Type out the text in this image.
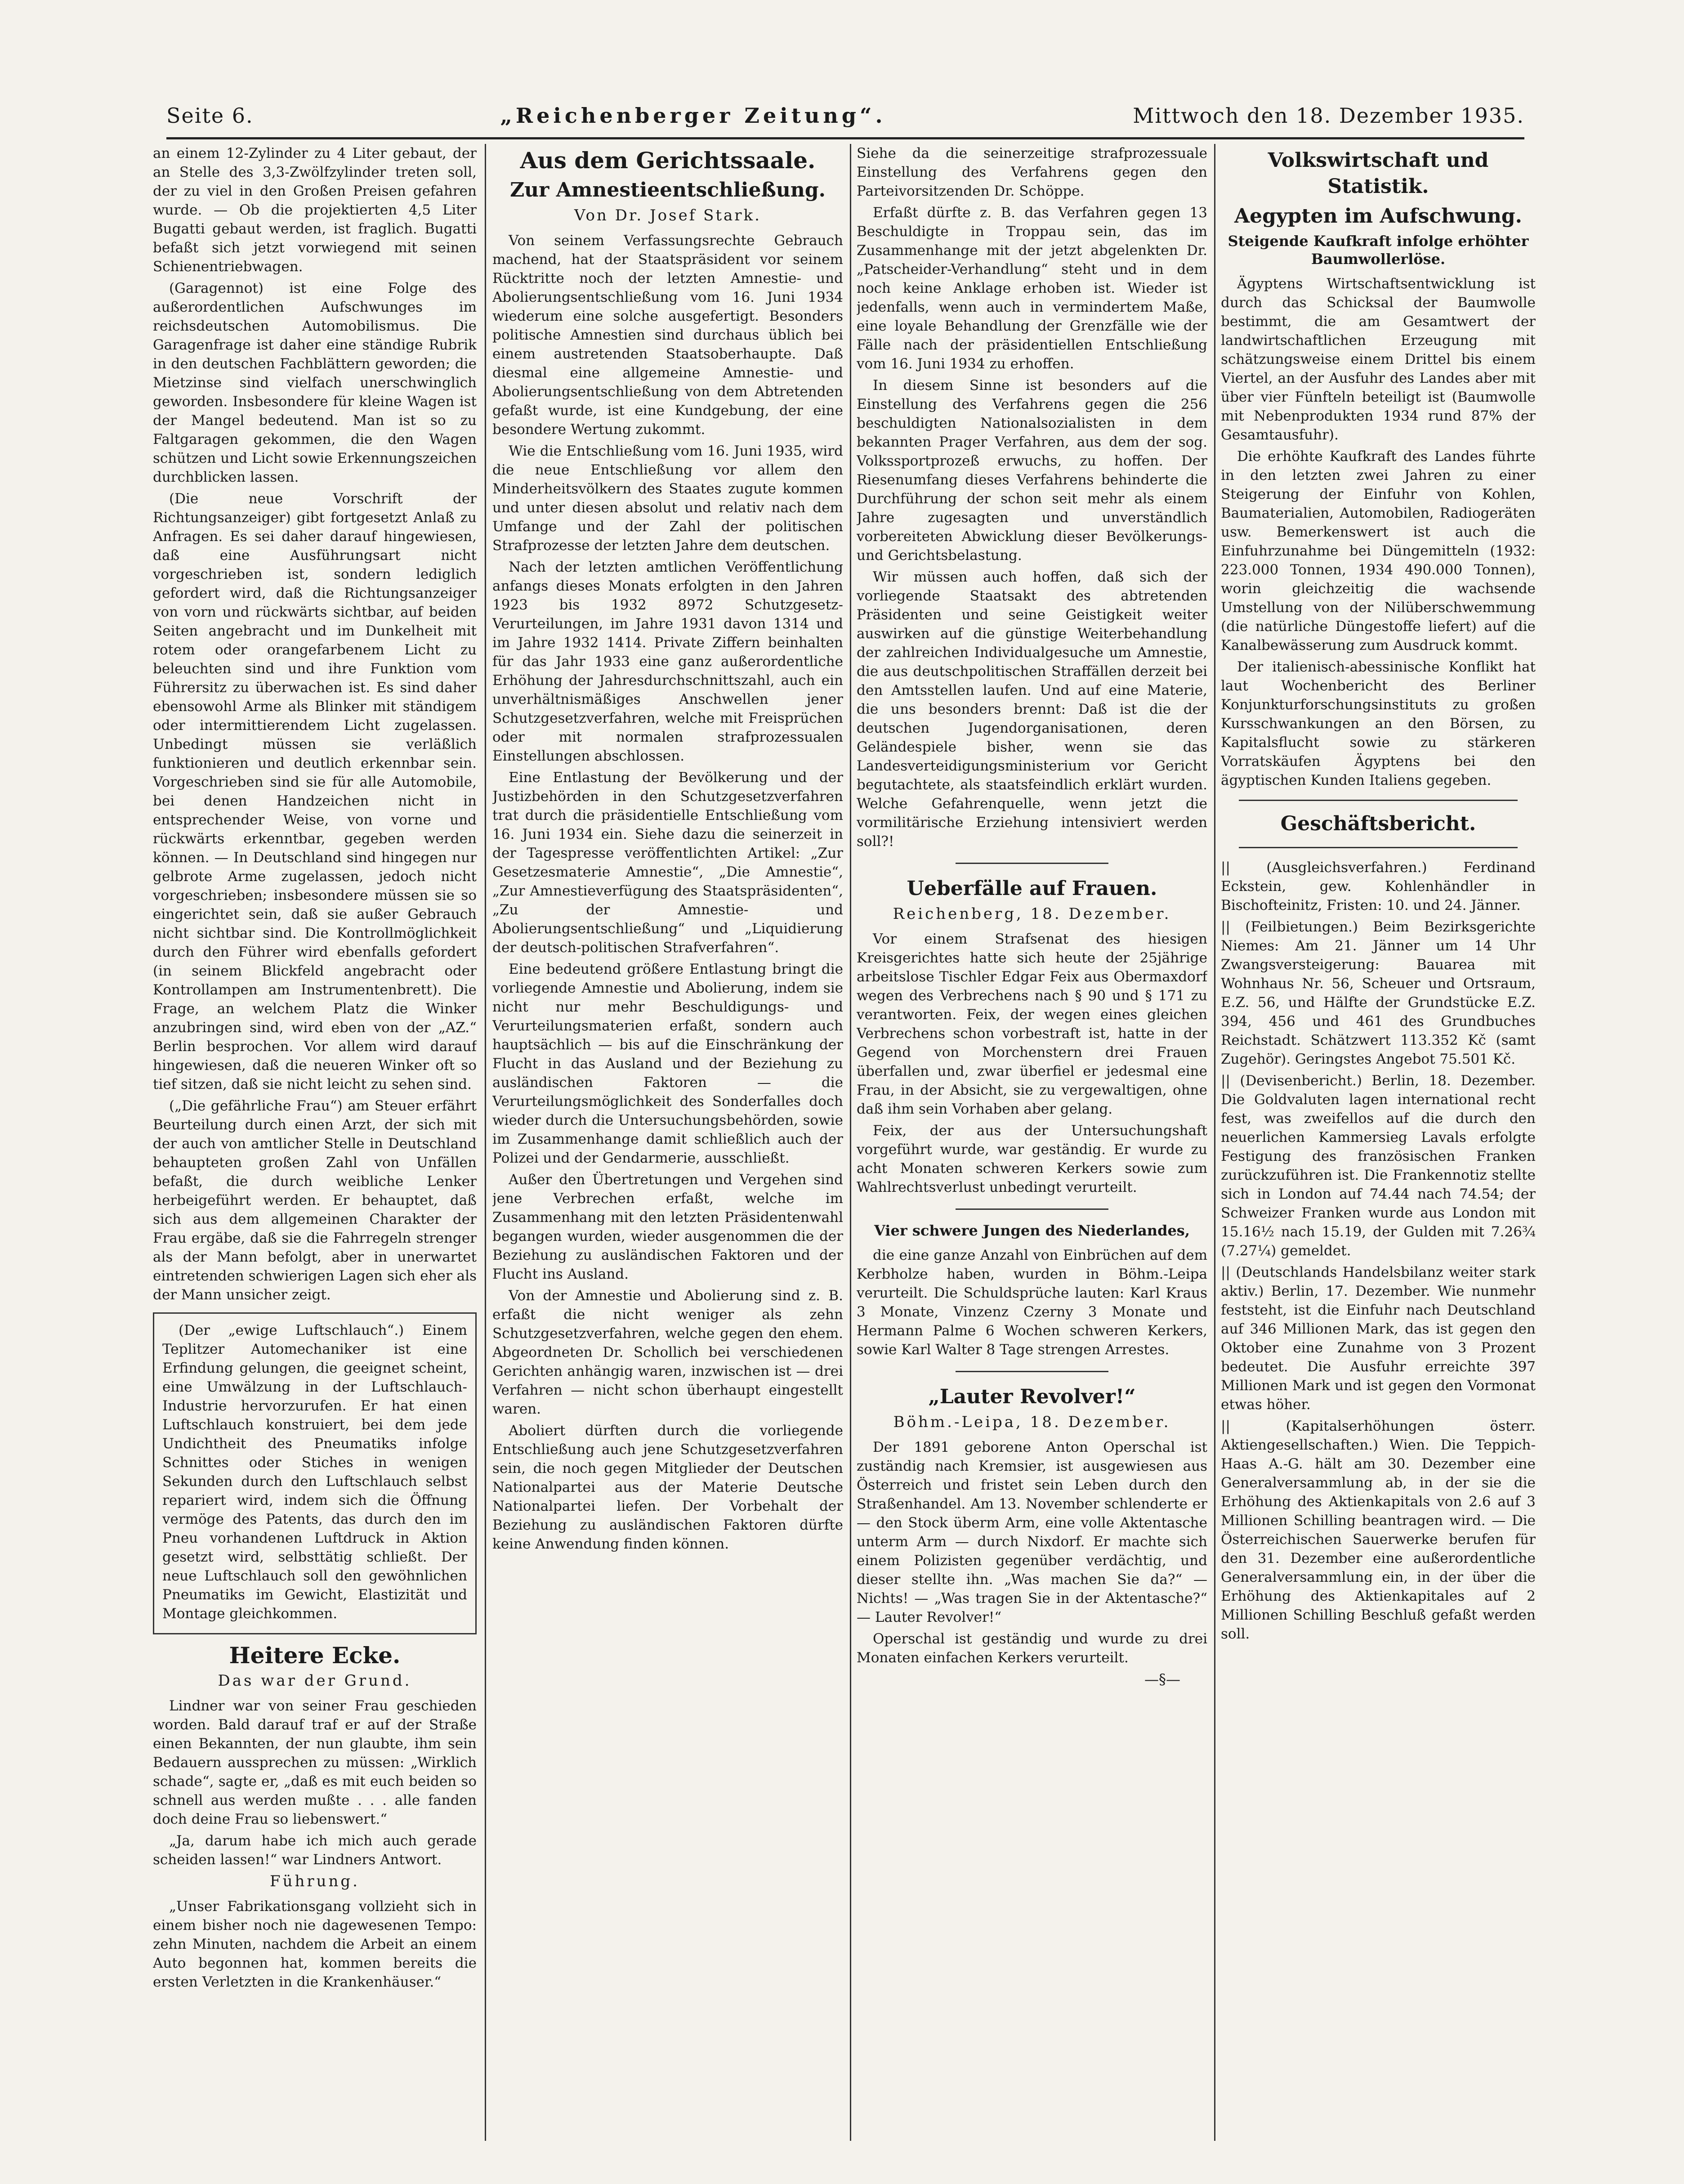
Seite 6.	„Reichenberger Zeitung“.	Mittwoch den 18. Dezember 1935.

an einem 12-Zylinder zu 4 Liter gebaut, der an Stelle des 3,3-Zwölfzylinder treten soll, der zu viel in den Großen Preisen gefahren wurde. — Ob die projektierten 4,5 Liter Bugatti gebaut werden, ist fraglich. Bugatti befaßt sich jetzt vorwiegend mit seinen Schienentriebwagen.

(Garagennot) ist eine Folge des außerordentlichen Aufschwunges im reichsdeutschen Automobilismus. Die Garagenfrage ist daher eine ständige Rubrik in den deutschen Fachblättern geworden; die Mietzinse sind vielfach unerschwinglich geworden. Insbesondere für kleine Wagen ist der Mangel bedeutend. Man ist so zu Faltgaragen gekommen, die den Wagen schützen und Licht sowie Erkennungszeichen durchblicken lassen.

(Die neue Vorschrift der Richtungsanzeiger) gibt fortgesetzt Anlaß zu Anfragen. Es sei daher darauf hingewiesen, daß eine Ausführungsart nicht vorgeschrieben ist, sondern lediglich gefordert wird, daß die Richtungsanzeiger von vorn und rückwärts sichtbar, auf beiden Seiten angebracht und im Dunkelheit mit rotem oder orangefarbenem Licht zu beleuchten sind und ihre Funktion vom Führersitz zu überwachen ist. Es sind daher ebensowohl Arme als Blinker mit ständigem oder intermittierendem Licht zugelassen. Unbedingt müssen sie verläßlich funktionieren und deutlich erkennbar sein. Vorgeschrieben sind sie für alle Automobile, bei denen Handzeichen nicht in entsprechender Weise, von vorne und rückwärts erkenntbar, gegeben werden können. — In Deutschland sind hingegen nur gelbrote Arme zugelassen, jedoch nicht vorgeschrieben; insbesondere müssen sie so eingerichtet sein, daß sie außer Gebrauch nicht sichtbar sind. Die Kontrollmöglichkeit durch den Führer wird ebenfalls gefordert (in seinem Blickfeld angebracht oder Kontrollampen am Instrumentenbrett). Die Frage, an welchem Platz die Winker anzubringen sind, wird eben von der „AZ.“ Berlin besprochen. Vor allem wird darauf hingewiesen, daß die neueren Winker oft so tief sitzen, daß sie nicht leicht zu sehen sind.

(„Die gefährliche Frau“) am Steuer erfährt Beurteilung durch einen Arzt, der sich mit der auch von amtlicher Stelle in Deutschland behaupteten großen Zahl von Unfällen befaßt, die durch weibliche Lenker herbeigeführt werden. Er behauptet, daß sich aus dem allgemeinen Charakter der Frau ergäbe, daß sie die Fahrregeln strenger als der Mann befolgt, aber in unerwartet eintretenden schwierigen Lagen sich eher als der Mann unsicher zeigt.

(Der „ewige Luftschlauch“.) Einem Teplitzer Automechaniker ist eine Erfindung gelungen, die geeignet scheint, eine Umwälzung in der Luftschlauch-Industrie hervorzurufen. Er hat einen Luftschlauch konstruiert, bei dem jede Undichtheit des Pneumatiks infolge Schnittes oder Stiches in wenigen Sekunden durch den Luftschlauch selbst repariert wird, indem sich die Öffnung vermöge des Patents, das durch den im Pneu vorhandenen Luftdruck in Aktion gesetzt wird, selbsttätig schließt. Der neue Luftschlauch soll den gewöhnlichen Pneumatiks im Gewicht, Elastizität und Montage gleichkommen.

Heitere Ecke.
Das war der Grund.

Lindner war von seiner Frau geschieden worden. Bald darauf traf er auf der Straße einen Bekannten, der nun glaubte, ihm sein Bedauern aussprechen zu müssen: „Wirklich schade“, sagte er, „daß es mit euch beiden so schnell aus werden mußte . . . alle fanden doch deine Frau so liebenswert.“

„Ja, darum habe ich mich auch gerade scheiden lassen!“ war Lindners Antwort.

Führung.

„Unser Fabrikationsgang vollzieht sich in einem bisher noch nie dagewesenen Tempo: zehn Minuten, nachdem die Arbeit an einem Auto begonnen hat, kommen bereits die ersten Verletzten in die Krankenhäuser.“

Aus dem Gerichtssaale.
Zur Amnestieentschließung.
Von Dr. Josef Stark.

Von seinem Verfassungsrechte Gebrauch machend, hat der Staatspräsident vor seinem Rücktritte noch der letzten Amnestie- und Abolierungsentschließung vom 16. Juni 1934 wiederum eine solche ausgefertigt. Besonders politische Amnestien sind durchaus üblich bei einem austretenden Staatsoberhaupte. Daß diesmal eine allgemeine Amnestie- und Abolierungsentschließung von dem Abtretenden gefaßt wurde, ist eine Kundgebung, der eine besondere Wertung zukommt.

Wie die Entschließung vom 16. Juni 1935, wird die neue Entschließung vor allem den Minderheitsvölkern des Staates zugute kommen und unter diesen absolut und relativ nach dem Umfange und der Zahl der politischen Strafprozesse der letzten Jahre dem deutschen.

Nach der letzten amtlichen Veröffentlichung anfangs dieses Monats erfolgten in den Jahren 1923 bis 1932 8972 Schutzgesetz-Verurteilungen, im Jahre 1931 davon 1314 und im Jahre 1932 1414. Private Ziffern beinhalten für das Jahr 1933 eine ganz außerordentliche Erhöhung der Jahresdurchschnittszahl, auch ein unverhältnismäßiges Anschwellen jener Schutzgesetzverfahren, welche mit Freisprüchen oder mit normalen strafprozessualen Einstellungen abschlossen.

Eine Entlastung der Bevölkerung und der Justizbehörden in den Schutzgesetzverfahren trat durch die präsidentielle Entschließung vom 16. Juni 1934 ein. Siehe dazu die seinerzeit in der Tagespresse veröffentlichten Artikel: „Zur Gesetzesmaterie Amnestie“, „Die Amnestie“, „Zur Amnestieverfügung des Staatspräsidenten“, „Zu der Amnestie- und Abolierungsentschließung“ und „Liquidierung der deutsch-politischen Strafverfahren“.

Eine bedeutend größere Entlastung bringt die vorliegende Amnestie und Abolierung, indem sie nicht nur mehr Beschuldigungs- und Verurteilungsmaterien erfaßt, sondern auch hauptsächlich — bis auf die Einschränkung der Flucht in das Ausland und der Beziehung zu ausländischen Faktoren — die Verurteilungsmöglichkeit des Sonderfalles doch wieder durch die Untersuchungsbehörden, sowie im Zusammenhange damit schließlich auch der Polizei und der Gendarmerie, ausschließt.

Außer den Übertretungen und Vergehen sind jene Verbrechen erfaßt, welche im Zusammenhang mit den letzten Präsidentenwahl begangen wurden, wieder ausgenommen die der Beziehung zu ausländischen Faktoren und der Flucht ins Ausland.

Von der Amnestie und Abolierung sind z. B. erfaßt die nicht weniger als zehn Schutzgesetzverfahren, welche gegen den ehem. Abgeordneten Dr. Schollich bei verschiedenen Gerichten anhängig waren, inzwischen ist — drei Verfahren — nicht schon überhaupt eingestellt waren.

Aboliert dürften durch die vorliegende Entschließung auch jene Schutzgesetzverfahren sein, die noch gegen Mitglieder der Deutschen Nationalpartei aus der Materie Deutsche Nationalpartei liefen. Der Vorbehalt der Beziehung zu ausländischen Faktoren dürfte keine Anwendung finden können.

Siehe da die seinerzeitige strafprozessuale Einstellung des Verfahrens gegen den Parteivorsitzenden Dr. Schöppe.

Erfaßt dürfte z. B. das Verfahren gegen 13 Beschuldigte in Troppau sein, das im Zusammenhange mit der jetzt abgelenkten Dr. „Patscheider-Verhandlung“ steht und in dem noch keine Anklage erhoben ist. Wieder ist jedenfalls, wenn auch in vermindertem Maße, eine loyale Behandlung der Grenzfälle wie der Fälle nach der präsidentiellen Entschließung vom 16. Juni 1934 zu erhoffen.

In diesem Sinne ist besonders auf die Einstellung des Verfahrens gegen die 256 beschuldigten Nationalsozialisten in dem bekannten Prager Verfahren, aus dem der sog. Volkssportprozeß erwuchs, zu hoffen. Der Riesenumfang dieses Verfahrens behinderte die Durchführung der schon seit mehr als einem Jahre zugesagten und unverständlich vorbereiteten Abwicklung dieser Bevölkerungs- und Gerichtsbelastung.

Wir müssen auch hoffen, daß sich der vorliegende Staatsakt des abtretenden Präsidenten und seine Geistigkeit weiter auswirken auf die günstige Weiterbehandlung der zahlreichen Individualgesuche um Amnestie, die aus deutschpolitischen Straffällen derzeit bei den Amtsstellen laufen. Und auf eine Materie, die uns besonders brennt: Daß ist die der deutschen Jugendorganisationen, deren Geländespiele bisher, wenn sie das Landesverteidigungsministerium vor Gericht begutachtete, als staatsfeindlich erklärt wurden. Welche Gefahrenquelle, wenn jetzt die vormilitärische Erziehung intensiviert werden soll?!

Ueberfälle auf Frauen.
Reichenberg, 18. Dezember.

Vor einem Strafsenat des hiesigen Kreisgerichtes hatte sich heute der 25jährige arbeitslose Tischler Edgar Feix aus Obermaxdorf wegen des Verbrechens nach § 90 und § 171 zu verantworten. Feix, der wegen eines gleichen Verbrechens schon vorbestraft ist, hatte in der Gegend von Morchenstern drei Frauen überfallen und, zwar überfiel er jedesmal eine Frau, in der Absicht, sie zu vergewaltigen, ohne daß ihm sein Vorhaben aber gelang.

Feix, der aus der Untersuchungshaft vorgeführt wurde, war geständig. Er wurde zu acht Monaten schweren Kerkers sowie zum Wahlrechtsverlust unbedingt verurteilt.

Vier schwere Jungen des Niederlandes,

die eine ganze Anzahl von Einbrüchen auf dem Kerbholze haben, wurden in Böhm.-Leipa verurteilt. Die Schuldsprüche lauten: Karl Kraus 3 Monate, Vinzenz Czerny 3 Monate und Hermann Palme 6 Wochen schweren Kerkers, sowie Karl Walter 8 Tage strengen Arrestes.

„Lauter Revolver!“
Böhm.-Leipa, 18. Dezember.

Der 1891 geborene Anton Operschal ist zuständig nach Kremsier, ist ausgewiesen aus Österreich und fristet sein Leben durch den Straßenhandel. Am 13. November schlenderte er — den Stock überm Arm, eine volle Aktentasche unterm Arm — durch Nixdorf. Er machte sich einem Polizisten gegenüber verdächtig, und dieser stellte ihn. „Was machen Sie da?“ — Nichts! — „Was tragen Sie in der Aktentasche?“ — Lauter Revolver!“

Operschal ist geständig und wurde zu drei Monaten einfachen Kerkers verurteilt.

—§—
Volkswirtschaft und Statistik.
Aegypten im Aufschwung.
Steigende Kaufkraft infolge erhöhter Baumwollerlöse.

Ägyptens Wirtschaftsentwicklung ist durch das Schicksal der Baumwolle bestimmt, die am Gesamtwert der landwirtschaftlichen Erzeugung mit schätzungsweise einem Drittel bis einem Viertel, an der Ausfuhr des Landes aber mit über vier Fünfteln beteiligt ist (Baumwolle mit Nebenprodukten 1934 rund 87% der Gesamtausfuhr).

Die erhöhte Kaufkraft des Landes führte in den letzten zwei Jahren zu einer Steigerung der Einfuhr von Kohlen, Baumaterialien, Automobilen, Radiogeräten usw. Bemerkenswert ist auch die Einfuhrzunahme bei Düngemitteln (1932: 223.000 Tonnen, 1934 490.000 Tonnen), worin gleichzeitig die wachsende Umstellung von der Nilüberschwemmung (die natürliche Düngestoffe liefert) auf die Kanalbewässerung zum Ausdruck kommt.

Der italienisch-abessinische Konflikt hat laut Wochenbericht des Berliner Konjunkturforschungsinstituts zu großen Kursschwankungen an den Börsen, zu Kapitalsflucht sowie zu stärkeren Vorratskäufen Ägyptens bei den ägyptischen Kunden Italiens gegeben.

Geschäftsbericht.

|| (Ausgleichsverfahren.) Ferdinand Eckstein, gew. Kohlenhändler in Bischofteinitz, Fristen: 10. und 24. Jänner.

|| (Feilbietungen.) Beim Bezirksgerichte Niemes: Am 21. Jänner um 14 Uhr Zwangsversteigerung: Bauarea mit Wohnhaus Nr. 56, Scheuer und Ortsraum, E.Z. 56, und Hälfte der Grundstücke E.Z. 394, 456 und 461 des Grundbuches Reichstadt. Schätzwert 113.352 Kč (samt Zugehör). Geringstes Angebot 75.501 Kč.

|| (Devisenbericht.) Berlin, 18. Dezember. Die Goldvaluten lagen international recht fest, was zweifellos auf die durch den neuerlichen Kammersieg Lavals erfolgte Festigung des französischen Franken zurückzuführen ist. Die Frankennotiz stellte sich in London auf 74.44 nach 74.54; der Schweizer Franken wurde aus London mit 15.16½ nach 15.19, der Gulden mit 7.26¾ (7.27¼) gemeldet.

|| (Deutschlands Handelsbilanz weiter stark aktiv.) Berlin, 17. Dezember. Wie nunmehr feststeht, ist die Einfuhr nach Deutschland auf 346 Millionen Mark, das ist gegen den Oktober eine Zunahme von 3 Prozent bedeutet. Die Ausfuhr erreichte 397 Millionen Mark und ist gegen den Vormonat etwas höher.

|| (Kapitalserhöhungen österr. Aktiengesellschaften.) Wien. Die Teppich-Haas A.-G. hält am 30. Dezember eine Generalversammlung ab, in der sie die Erhöhung des Aktienkapitals von 2.6 auf 3 Millionen Schilling beantragen wird. — Die Österreichischen Sauerwerke berufen für den 31. Dezember eine außerordentliche Generalversammlung ein, in der über die Erhöhung des Aktienkapitales auf 2 Millionen Schilling Beschluß gefaßt werden soll.
